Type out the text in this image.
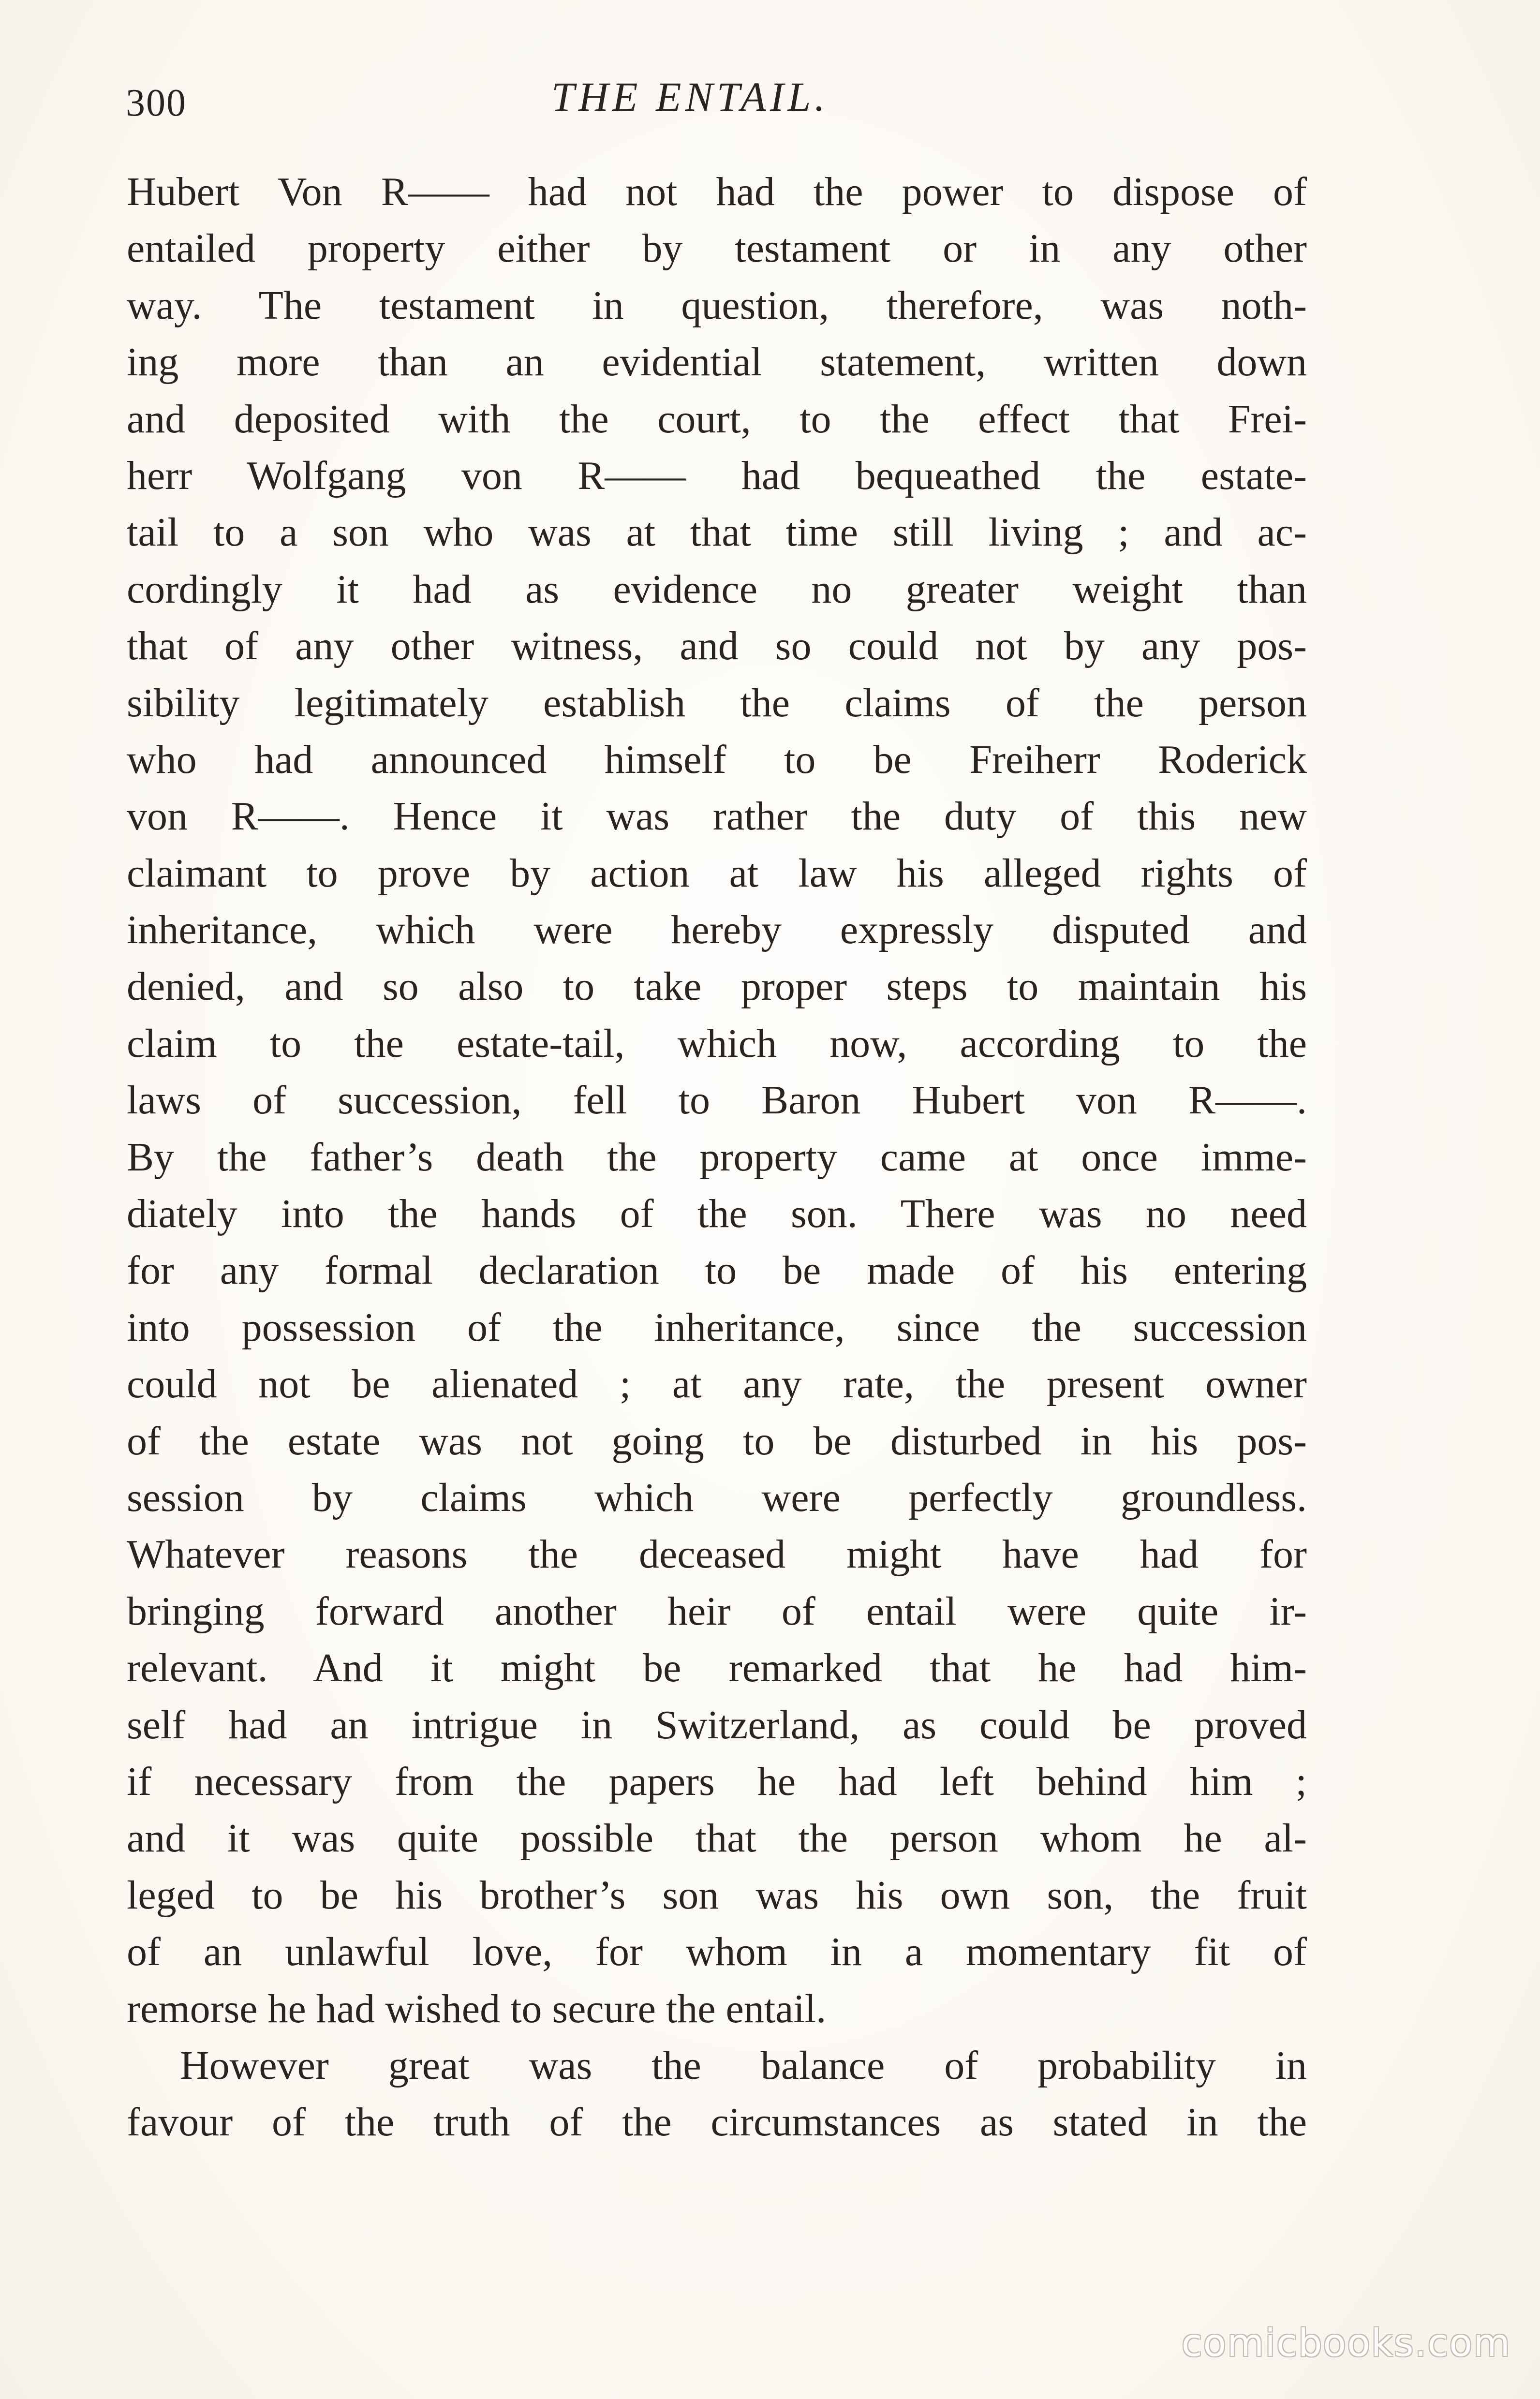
300	THE ENTAIL.
Hubert Von R—— had not had the power to dispose of
entailed property either by testament or in any other
way. The testament in question, therefore, was noth-
ing more than an evidential statement, written down
and deposited with the court, to the effect that Frei-
herr Wolfgang von R—— had bequeathed the estate-
tail to a son who was at that time still living ; and ac-
cordingly it had as evidence no greater weight than
that of any other witness, and so could not by any pos-
sibility legitimately establish the claims of the person
who had announced himself to be Freiherr Roderick
von R——. Hence it was rather the duty of this new
claimant to prove by action at law his alleged rights of
inheritance, which were hereby expressly disputed and
denied, and so also to take proper steps to maintain his
claim to the estate-tail, which now, according to the
laws of succession, fell to Baron Hubert von R——.
By the father’s death the property came at once imme-
diately into the hands of the son. There was no need
for any formal declaration to be made of his entering
into possession of the inheritance, since the succession
could not be alienated ; at any rate, the present owner
of the estate was not going to be disturbed in his pos-
session by claims which were perfectly groundless.
Whatever reasons the deceased might have had for
bringing forward another heir of entail were quite ir-
relevant. And it might be remarked that he had him-
self had an intrigue in Switzerland, as could be proved
if necessary from the papers he had left behind him ;
and it was quite possible that the person whom he al-
leged to be his brother’s son was his own son, the fruit
of an unlawful love, for whom in a momentary fit of
remorse he had wished to secure the entail.
However great was the balance of probability in
favour of the truth of the circumstances as stated in the
comicbooks.com
